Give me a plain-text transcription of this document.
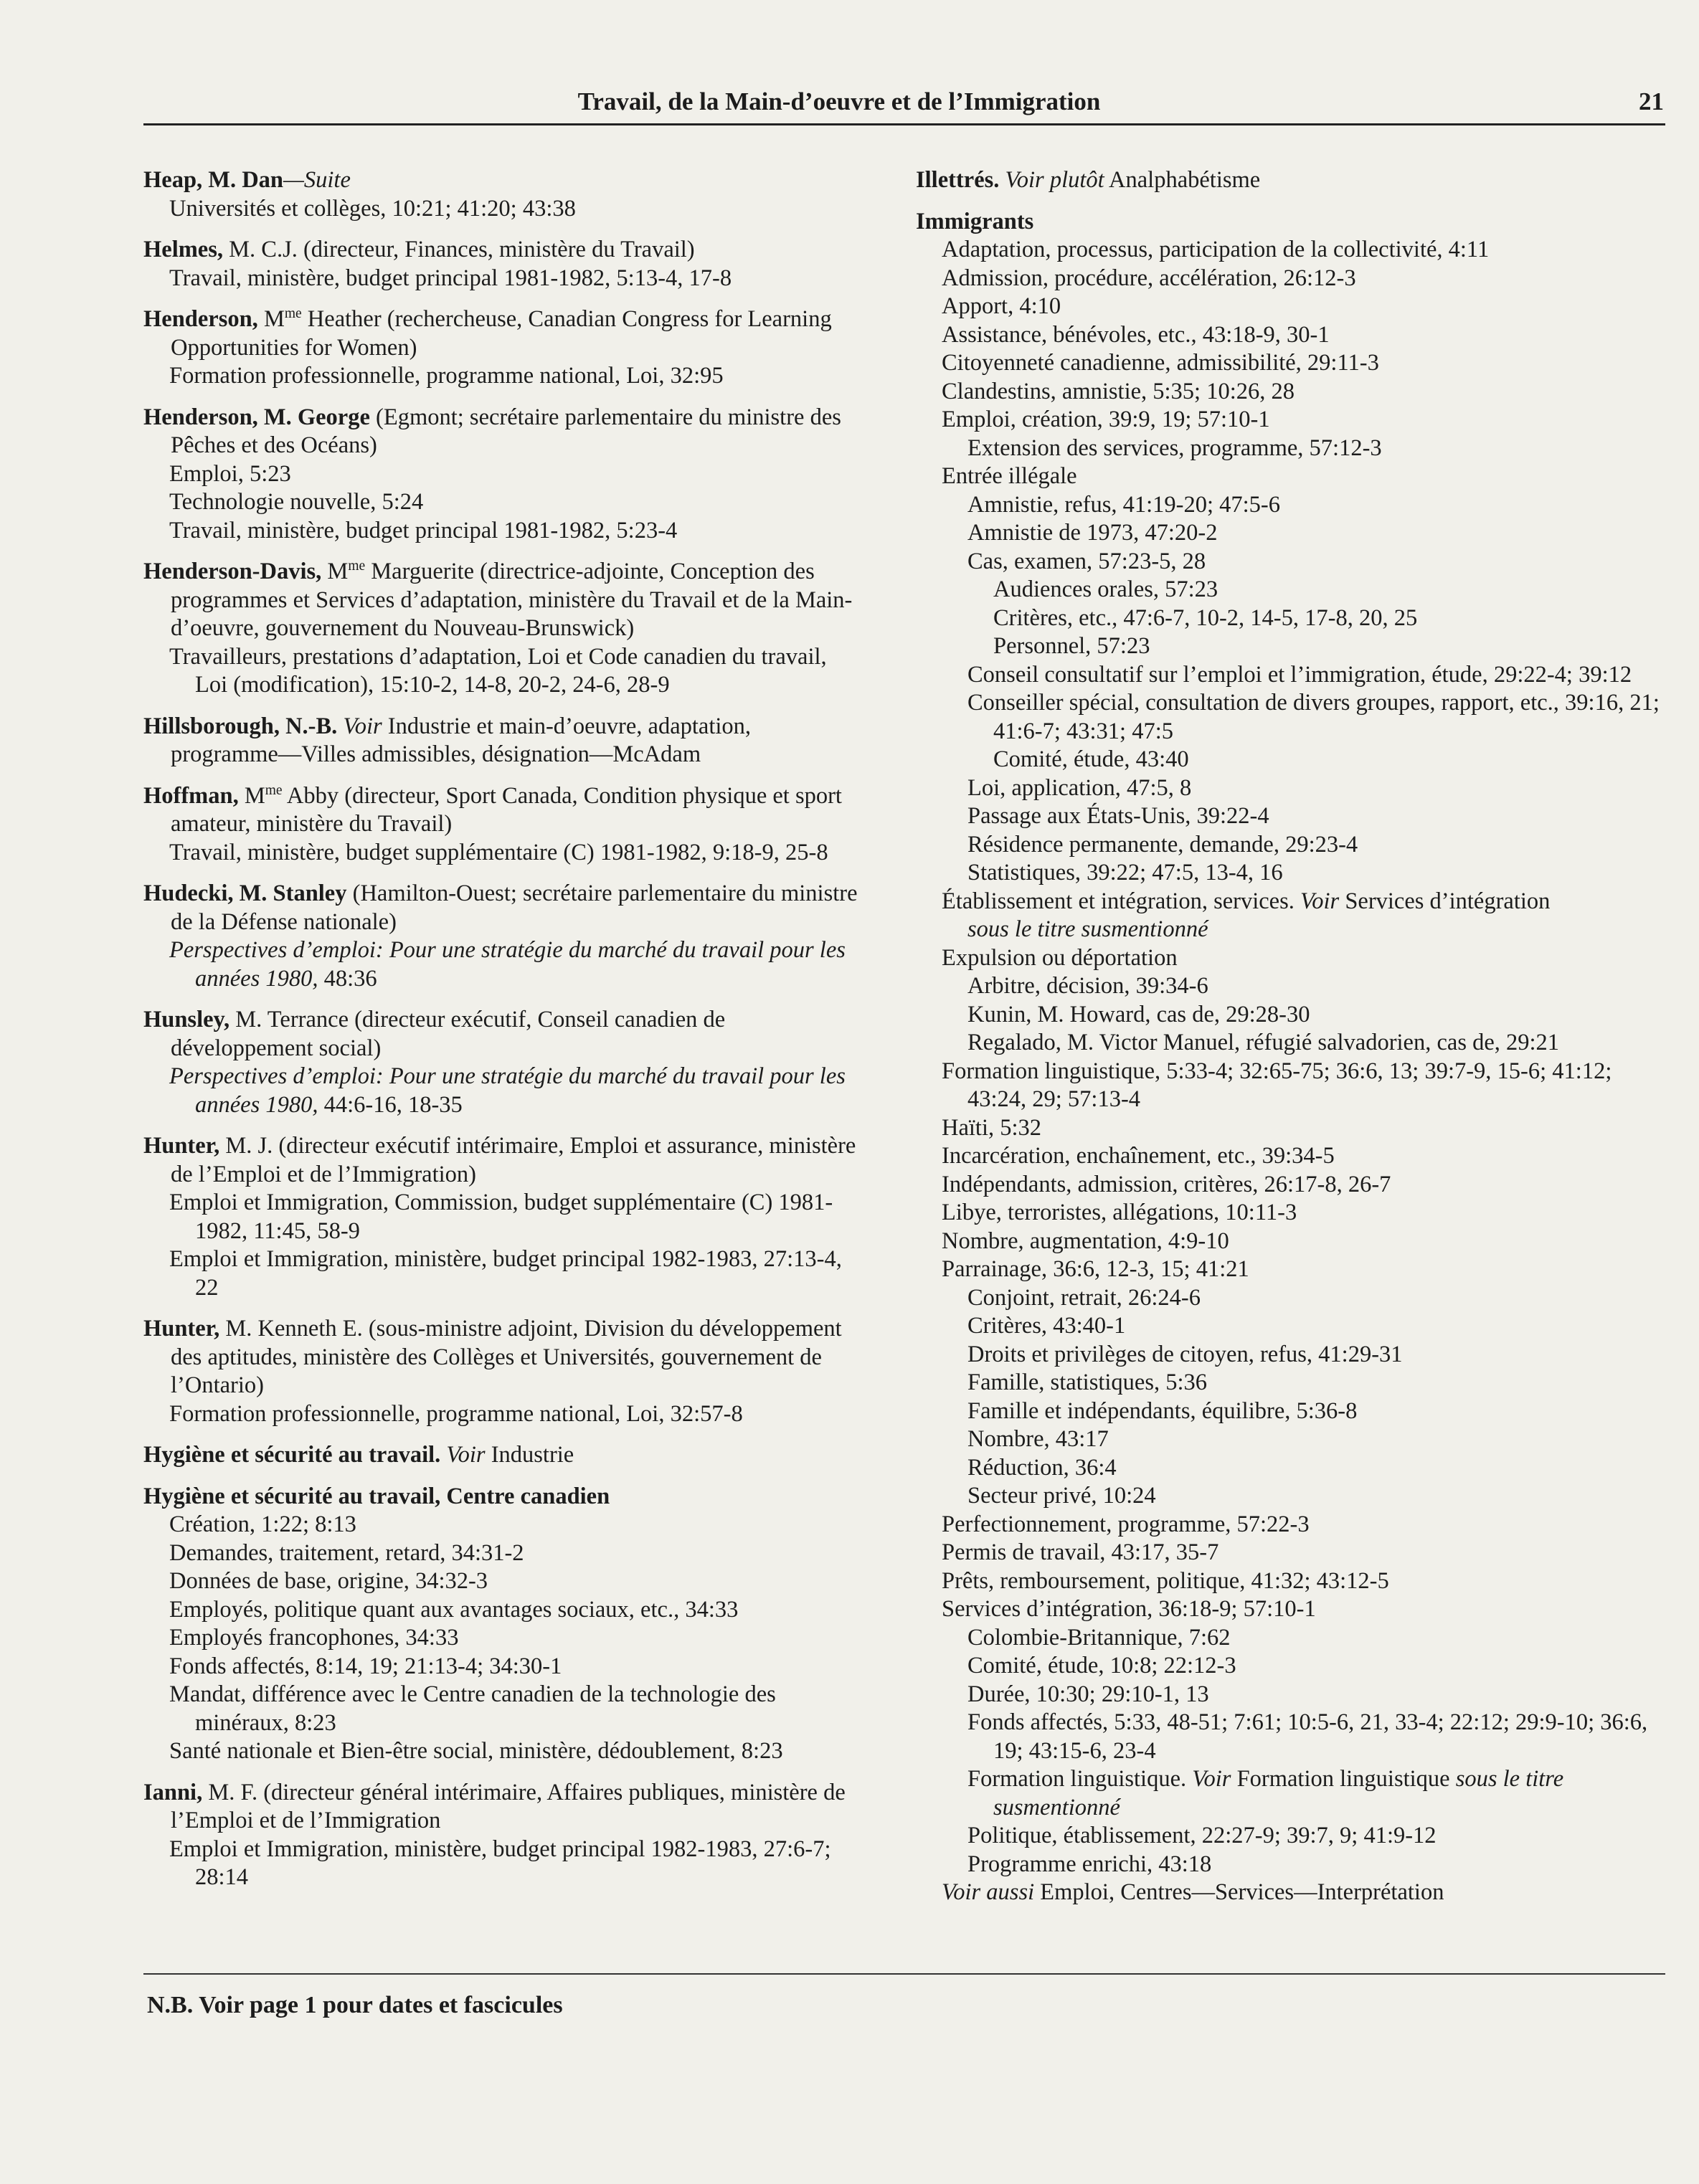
Travail, de la Main-d’oeuvre et de l’Immigration	21
Heap, M. Dan—Suite
Universités et collèges, 10:21; 41:20; 43:38
Helmes, M. C.J. (directeur, Finances, ministère du Travail)
Travail, ministère, budget principal 1981-1982, 5:13-4, 17-8
Henderson, $M^{me}$ Heather (rechercheuse, Canadian Congress for Learning Opportunities for Women)
Formation professionnelle, programme national, Loi, 32:95
Henderson, M. George (Egmont; secrétaire parlementaire du ministre des Pêches et des Océans)
Emploi, 5:23
Technologie nouvelle, 5:24
Travail, ministère, budget principal 1981-1982, 5:23-4
Henderson-Davis, $M^{me}$ Marguerite (directrice-adjointe, Conception des programmes et Services d’adaptation, ministère du Travail et de la Main-d’oeuvre, gouvernement du Nouveau-Brunswick)
Travailleurs, prestations d’adaptation, Loi et Code canadien du travail, Loi (modification), 15:10-2, 14-8, 20-2, 24-6, 28-9
Hillsborough, N.-B. Voir Industrie et main-d’oeuvre, adaptation, programme—Villes admissibles, désignation—McAdam
Hoffman, $M^{me}$ Abby (directeur, Sport Canada, Condition physique et sport amateur, ministère du Travail)
Travail, ministère, budget supplémentaire (C) 1981-1982, 9:18-9, 25-8
Hudecki, M. Stanley (Hamilton-Ouest; secrétaire parlementaire du ministre de la Défense nationale)
Perspectives d’emploi: Pour une stratégie du marché du travail pour les années 1980, 48:36
Hunsley, M. Terrance (directeur exécutif, Conseil canadien de développement social)
Perspectives d’emploi: Pour une stratégie du marché du travail pour les années 1980, 44:6-16, 18-35
Hunter, M. J. (directeur exécutif intérimaire, Emploi et assurance, ministère de l’Emploi et de l’Immigration)
Emploi et Immigration, Commission, budget supplémentaire (C) 1981-1982, 11:45, 58-9
Emploi et Immigration, ministère, budget principal 1982-1983, 27:13-4, 22
Hunter, M. Kenneth E. (sous-ministre adjoint, Division du développement des aptitudes, ministère des Collèges et Universités, gouvernement de l’Ontario)
Formation professionnelle, programme national, Loi, 32:57-8
Hygiène et sécurité au travail. Voir Industrie
Hygiène et sécurité au travail, Centre canadien
Création, 1:22; 8:13
Demandes, traitement, retard, 34:31-2
Données de base, origine, 34:32-3
Employés, politique quant aux avantages sociaux, etc., 34:33
Employés francophones, 34:33
Fonds affectés, 8:14, 19; 21:13-4; 34:30-1
Mandat, différence avec le Centre canadien de la technologie des minéraux, 8:23
Santé nationale et Bien-être social, ministère, dédoublement, 8:23
Ianni, M. F. (directeur général intérimaire, Affaires publiques, ministère de l’Emploi et de l’Immigration
Emploi et Immigration, ministère, budget principal 1982-1983, 27:6-7; 28:14
Illettrés. Voir plutôt Analphabétisme
Immigrants
Adaptation, processus, participation de la collectivité, 4:11
Admission, procédure, accélération, 26:12-3
Apport, 4:10
Assistance, bénévoles, etc., 43:18-9, 30-1
Citoyenneté canadienne, admissibilité, 29:11-3
Clandestins, amnistie, 5:35; 10:26, 28
Emploi, création, 39:9, 19; 57:10-1
Extension des services, programme, 57:12-3
Entrée illégale
Amnistie, refus, 41:19-20; 47:5-6
Amnistie de 1973, 47:20-2
Cas, examen, 57:23-5, 28
Audiences orales, 57:23
Critères, etc., 47:6-7, 10-2, 14-5, 17-8, 20, 25
Personnel, 57:23
Conseil consultatif sur l’emploi et l’immigration, étude, 29:22-4; 39:12
Conseiller spécial, consultation de divers groupes, rapport, etc., 39:16, 21; 41:6-7; 43:31; 47:5
Comité, étude, 43:40
Loi, application, 47:5, 8
Passage aux États-Unis, 39:22-4
Résidence permanente, demande, 29:23-4
Statistiques, 39:22; 47:5, 13-4, 16
Établissement et intégration, services. Voir Services d’intégration
sous le titre susmentionné
Expulsion ou déportation
Arbitre, décision, 39:34-6
Kunin, M. Howard, cas de, 29:28-30
Regalado, M. Victor Manuel, réfugié salvadorien, cas de, 29:21
Formation linguistique, 5:33-4; 32:65-75; 36:6, 13; 39:7-9, 15-6; 41:12; 43:24, 29; 57:13-4
Haïti, 5:32
Incarcération, enchaînement, etc., 39:34-5
Indépendants, admission, critères, 26:17-8, 26-7
Libye, terroristes, allégations, 10:11-3
Nombre, augmentation, 4:9-10
Parrainage, 36:6, 12-3, 15; 41:21
Conjoint, retrait, 26:24-6
Critères, 43:40-1
Droits et privilèges de citoyen, refus, 41:29-31
Famille, statistiques, 5:36
Famille et indépendants, équilibre, 5:36-8
Nombre, 43:17
Réduction, 36:4
Secteur privé, 10:24
Perfectionnement, programme, 57:22-3
Permis de travail, 43:17, 35-7
Prêts, remboursement, politique, 41:32; 43:12-5
Services d’intégration, 36:18-9; 57:10-1
Colombie-Britannique, 7:62
Comité, étude, 10:8; 22:12-3
Durée, 10:30; 29:10-1, 13
Fonds affectés, 5:33, 48-51; 7:61; 10:5-6, 21, 33-4; 22:12; 29:9-10; 36:6, 19; 43:15-6, 23-4
Formation linguistique. Voir Formation linguistique sous le titre susmentionné
Politique, établissement, 22:27-9; 39:7, 9; 41:9-12
Programme enrichi, 43:18
Voir aussi Emploi, Centres—Services—Interprétation
N.B. Voir page 1 pour dates et fascicules
